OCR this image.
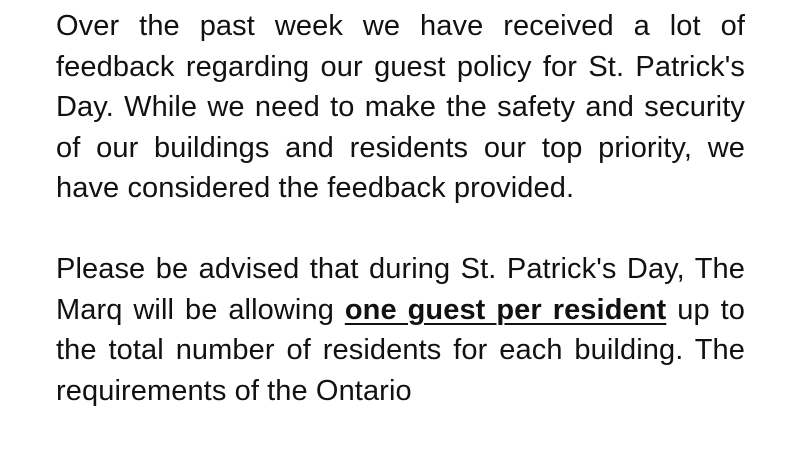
Over the past week we have received a lot of feedback regarding our guest policy for St. Patrick's Day. While we need to make the safety and security of our buildings and residents our top priority, we have considered the feedback provided.

Please be advised that during St. Patrick's Day, The Marq will be allowing one guest per resident up to the total number of residents for each building. The requirements of the Ontario
